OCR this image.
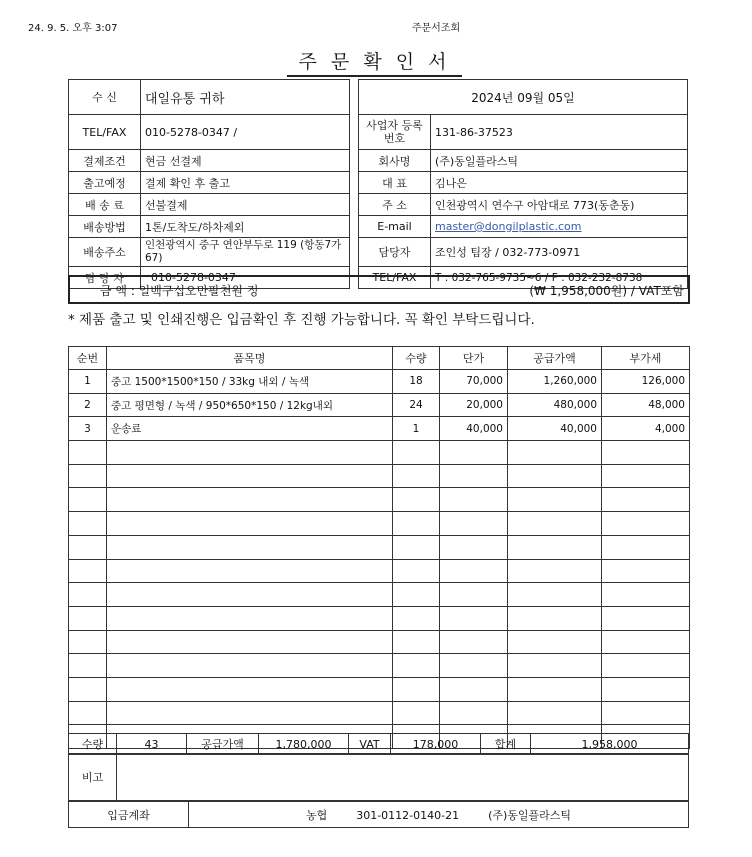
24. 9. 5. 오후 3:07	주문서조회
주 문 확 인 서
수 신	대일유통 귀하
TEL/FAX	010-5278-0347 /
결제조건	현금 선결제
출고예정	결제 확인 후 출고
배 송 료	선불결제
배송방법	1톤/도착도/하차제외
배송주소	인천광역시 중구 연안부두로 119 (항동7가 67)
담 당 자	010-5278-0347
2024년 09월 05일	
사업자 등록번호	131-86-37523
회사명	(주)동일플라스틱
대 표	김나은
주 소	인천광역시 연수구 아암대로 773(동춘동)
E-mail	master@dongilplastic.com
담당자	조인성 팀장 / 032-773-0971
TEL/FAX	T : 032-765-9735~6 / F : 032-232-8738
금 액 : 일백구십오만팔천원 정	(₩ 1,958,000원) / VAT포함
* 제품 출고 및 인쇄진행은 입금확인 후 진행 가능합니다. 꼭 확인 부탁드립니다.
순번	품목명	수량	단가	공급가액	부가세
1	중고 1500*1500*150 / 33kg 내외 / 녹색	18	70,000	1,260,000	126,000
2	중고 평면형 / 녹색 / 950*650*150 / 12kg내외	24	20,000	480,000	48,000
3	운송료	1	40,000	40,000	4,000

수량	43	공급가액	1,780,000	VAT	178,000	합계	1,958,000
비고	
입금계좌	농협	301-0112-0140-21	(주)동일플라스틱
